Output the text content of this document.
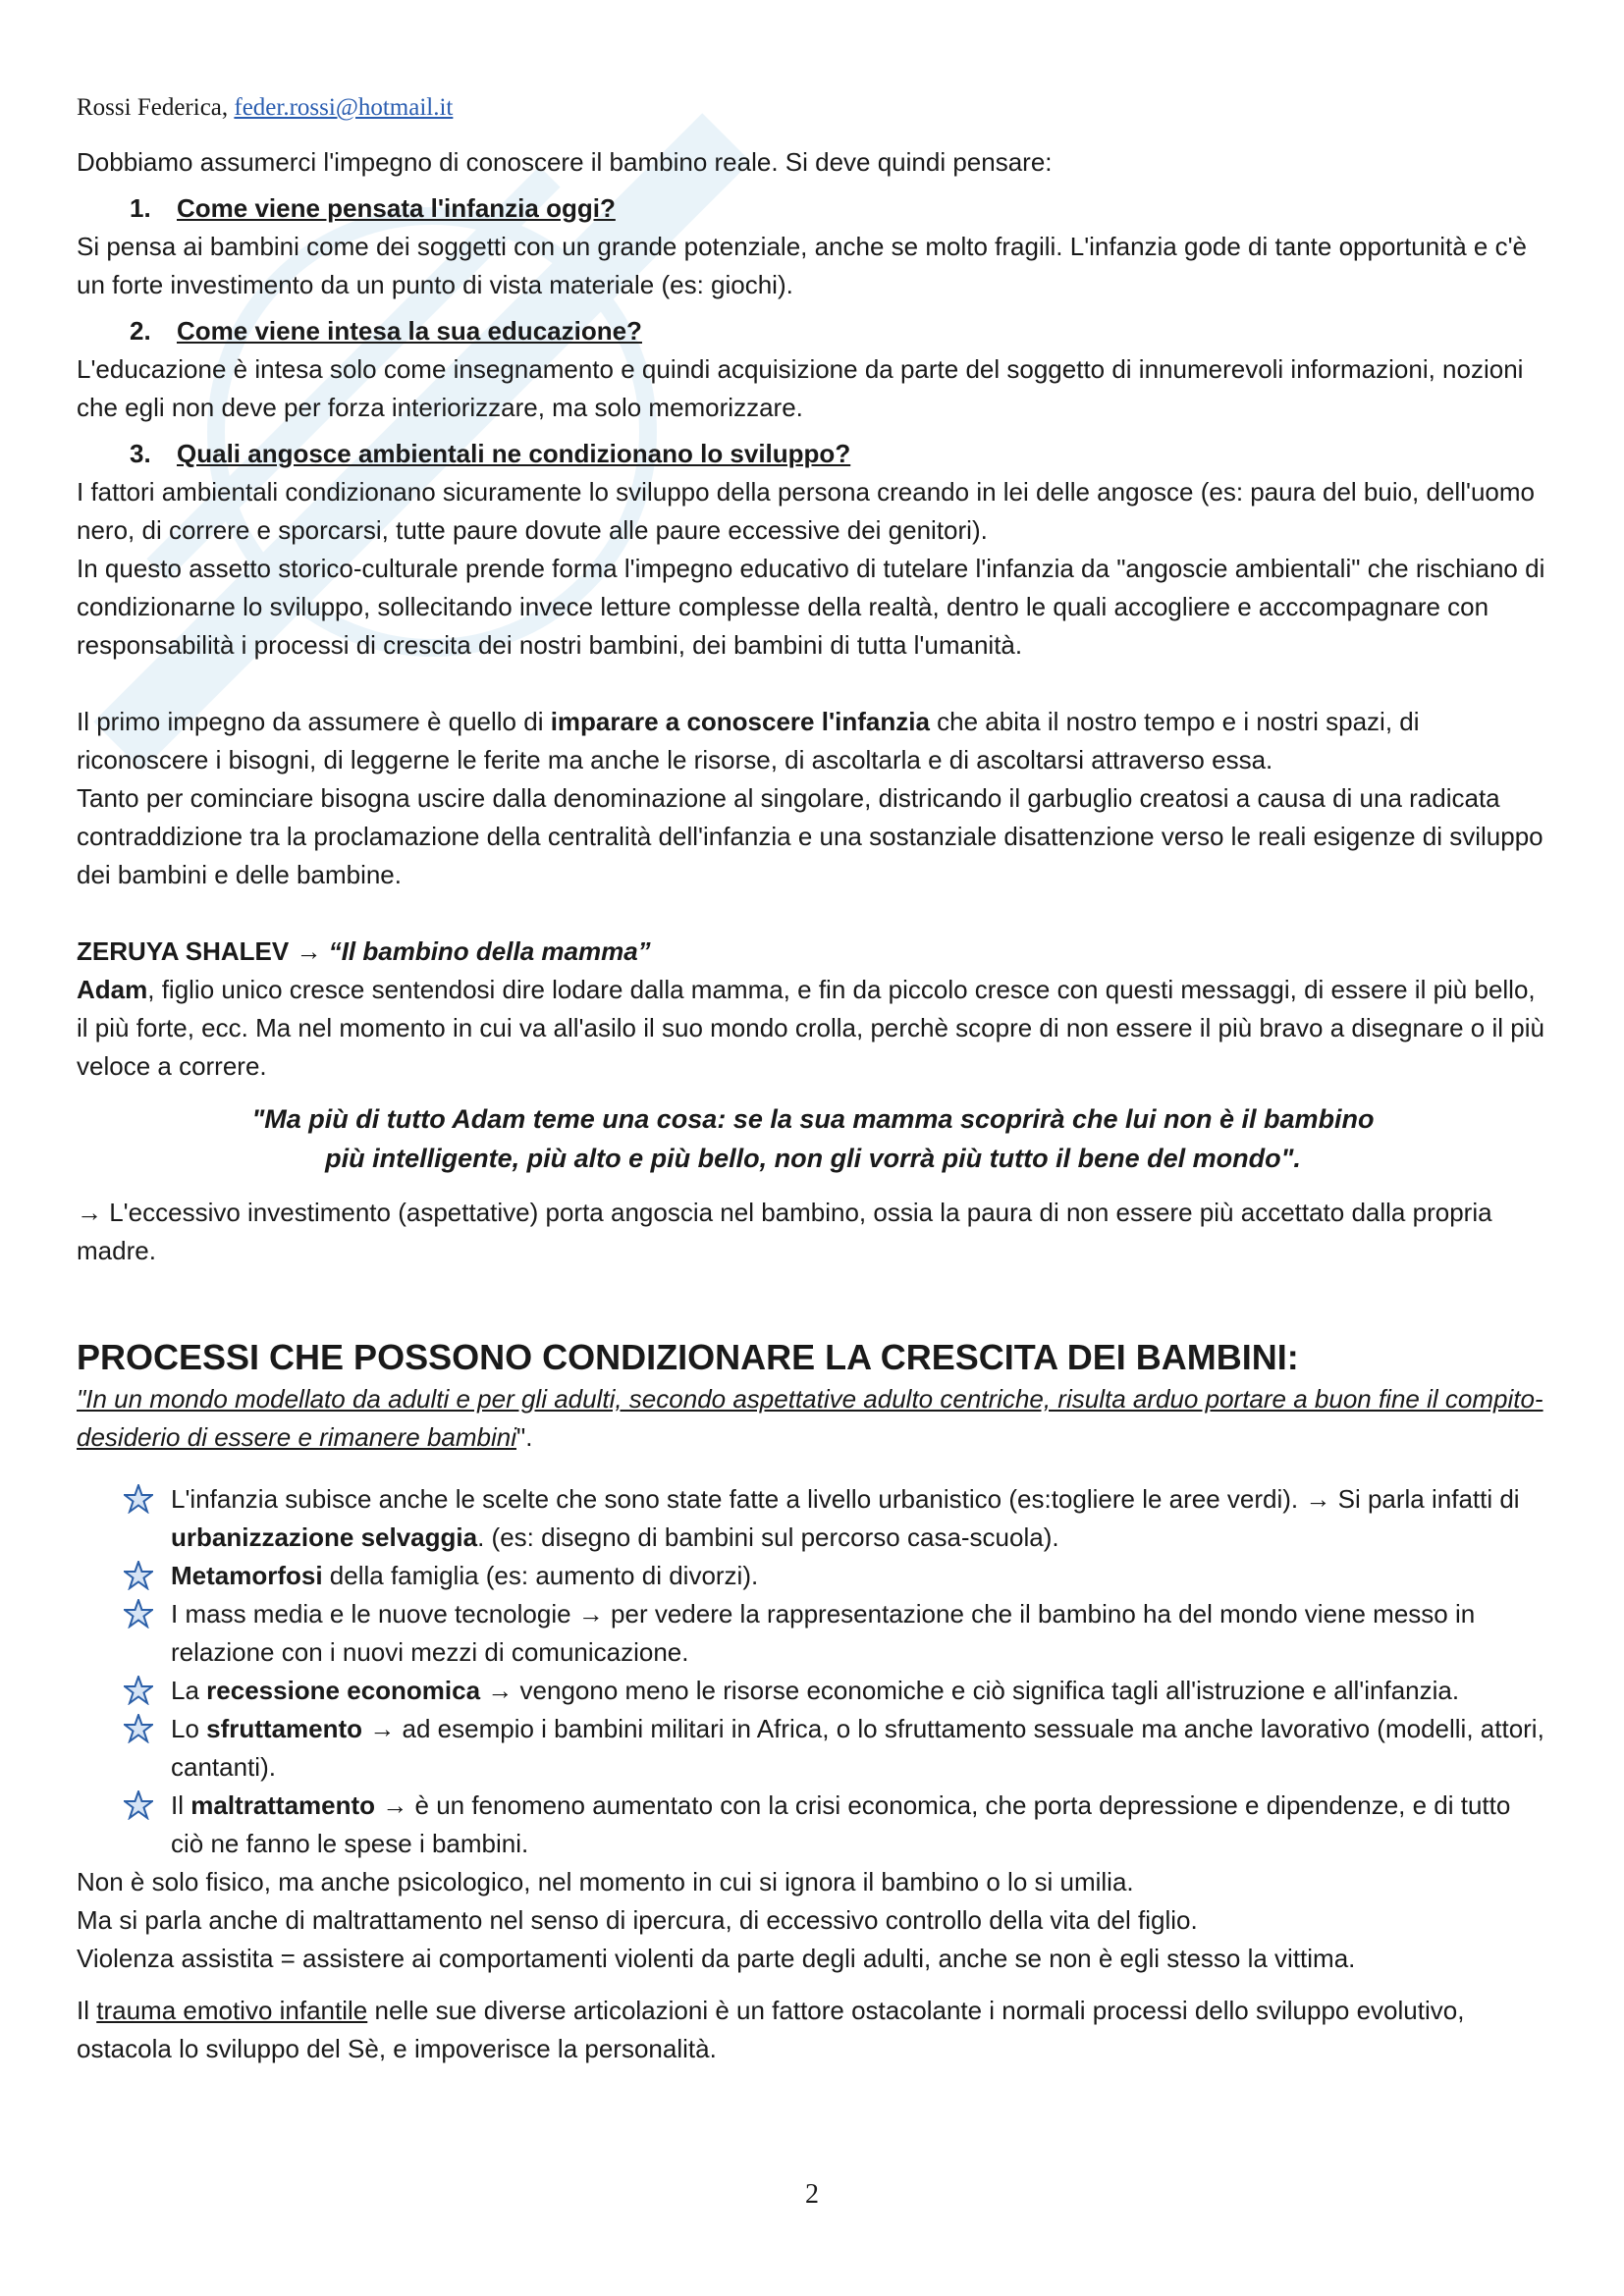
Rossi Federica, feder.rossi@hotmail.it

Dobbiamo assumerci l'impegno di conoscere il bambino reale. Si deve quindi pensare:

1. Come viene pensata l'infanzia oggi?

Si pensa ai bambini come dei soggetti con un grande potenziale, anche se molto fragili. L'infanzia gode di tante opportunità e c'è un forte investimento da un punto di vista materiale (es: giochi).

2. Come viene intesa la sua educazione?

L'educazione è intesa solo come insegnamento e quindi acquisizione da parte del soggetto di innumerevoli informazioni, nozioni che egli non deve per forza interiorizzare, ma solo memorizzare.

3. Quali angosce ambientali ne condizionano lo sviluppo?

I fattori ambientali condizionano sicuramente lo sviluppo della persona creando in lei delle angosce (es: paura del buio, dell'uomo nero, di correre e sporcarsi, tutte paure dovute alle paure eccessive dei genitori).

In questo assetto storico-culturale prende forma l'impegno educativo di tutelare l'infanzia da "angoscie ambientali" che rischiano di condizionarne lo sviluppo, sollecitando invece letture complesse della realtà, dentro le quali accogliere e acccompagnare con responsabilità i processi di crescita dei nostri bambini, dei bambini di tutta l'umanità.

Il primo impegno da assumere è quello di imparare a conoscere l'infanzia che abita il nostro tempo e i nostri spazi, di riconoscere i bisogni, di leggerne le ferite ma anche le risorse, di ascoltarla e di ascoltarsi attraverso essa.

Tanto per cominciare bisogna uscire dalla denominazione al singolare, districando il garbuglio creatosi a causa di una radicata contraddizione tra la proclamazione della centralità dell'infanzia e una sostanziale disattenzione verso le reali esigenze di sviluppo dei bambini e delle bambine.

ZERUYA SHALEV → “Il bambino della mamma”

Adam, figlio unico cresce sentendosi dire lodare dalla mamma, e fin da piccolo cresce con questi messaggi, di essere il più bello, il più forte, ecc. Ma nel momento in cui va all'asilo il suo mondo crolla, perchè scopre di non essere il più bravo a disegnare o il più veloce a correre.

"Ma più di tutto Adam teme una cosa: se la sua mamma scoprirà che lui non è il bambino
più intelligente, più alto e più bello, non gli vorrà più tutto il bene del mondo".

→ L'eccessivo investimento (aspettative) porta angoscia nel bambino, ossia la paura di non essere più accettato dalla propria madre.

PROCESSI CHE POSSONO CONDIZIONARE LA CRESCITA DEI BAMBINI:

"In un mondo modellato da adulti e per gli adulti, secondo aspettative adulto centriche, risulta arduo portare a buon fine il compito-desiderio di essere e rimanere bambini".

L'infanzia subisce anche le scelte che sono state fatte a livello urbanistico (es:togliere le aree verdi). → Si parla infatti di urbanizzazione selvaggia. (es: disegno di bambini sul percorso casa-scuola).
Metamorfosi della famiglia (es: aumento di divorzi).
I mass media e le nuove tecnologie → per vedere la rappresentazione che il bambino ha del mondo viene messo in relazione con i nuovi mezzi di comunicazione.
La recessione economica → vengono meno le risorse economiche e ciò significa tagli all'istruzione e all'infanzia.
Lo sfruttamento → ad esempio i bambini militari in Africa, o lo sfruttamento sessuale ma anche lavorativo (modelli, attori, cantanti).
Il maltrattamento → è un fenomeno aumentato con la crisi economica, che porta depressione e dipendenze, e di tutto ciò ne fanno le spese i bambini.

Non è solo fisico, ma anche psicologico, nel momento in cui si ignora il bambino o lo si umilia.

Ma si parla anche di maltrattamento nel senso di ipercura, di eccessivo controllo della vita del figlio.

Violenza assistita = assistere ai comportamenti violenti da parte degli adulti, anche se non è egli stesso la vittima.

Il trauma emotivo infantile nelle sue diverse articolazioni è un fattore ostacolante i normali processi dello sviluppo evolutivo, ostacola lo sviluppo del Sè, e impoverisce la personalità.

2
